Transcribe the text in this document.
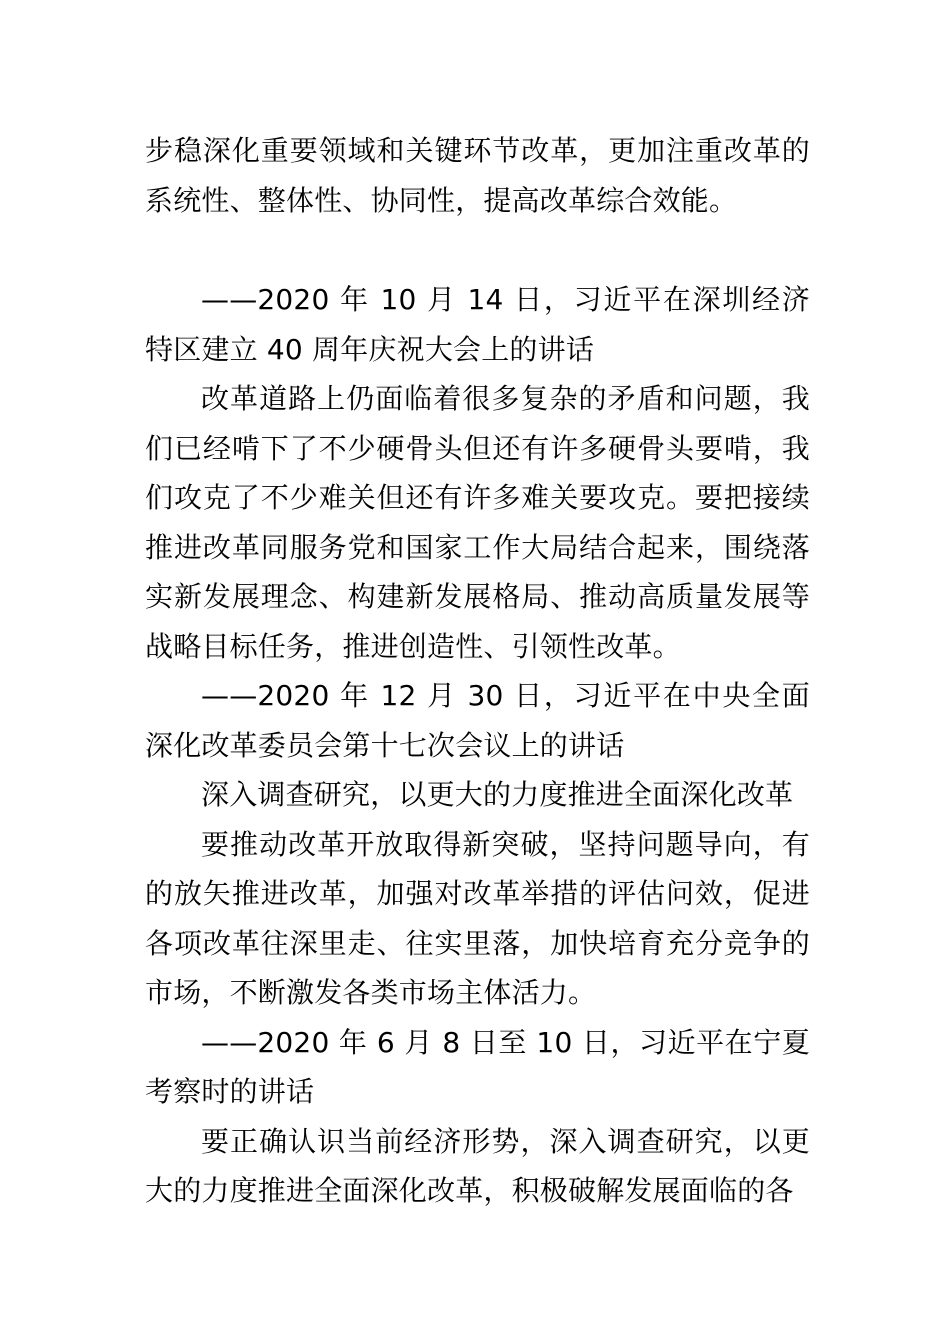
步稳深化重要领域和关键环节改革，更加注重改革的系统性、整体性、协同性，提高改革综合效能。

——2020 年 10 月 14 日，习近平在深圳经济特区建立 40 周年庆祝大会上的讲话

改革道路上仍面临着很多复杂的矛盾和问题，我们已经啃下了不少硬骨头但还有许多硬骨头要啃，我们攻克了不少难关但还有许多难关要攻克。要把接续推进改革同服务党和国家工作大局结合起来，围绕落实新发展理念、构建新发展格局、推动高质量发展等战略目标任务，推进创造性、引领性改革。

——2020 年 12 月 30 日，习近平在中央全面深化改革委员会第十七次会议上的讲话

深入调查研究，以更大的力度推进全面深化改革

要推动改革开放取得新突破，坚持问题导向，有的放矢推进改革，加强对改革举措的评估问效，促进各项改革往深里走、往实里落，加快培育充分竞争的市场，不断激发各类市场主体活力。

——2020 年 6 月 8 日至 10 日，习近平在宁夏考察时的讲话

要正确认识当前经济形势，深入调查研究，以更大的力度推进全面深化改革，积极破解发展面临的各
